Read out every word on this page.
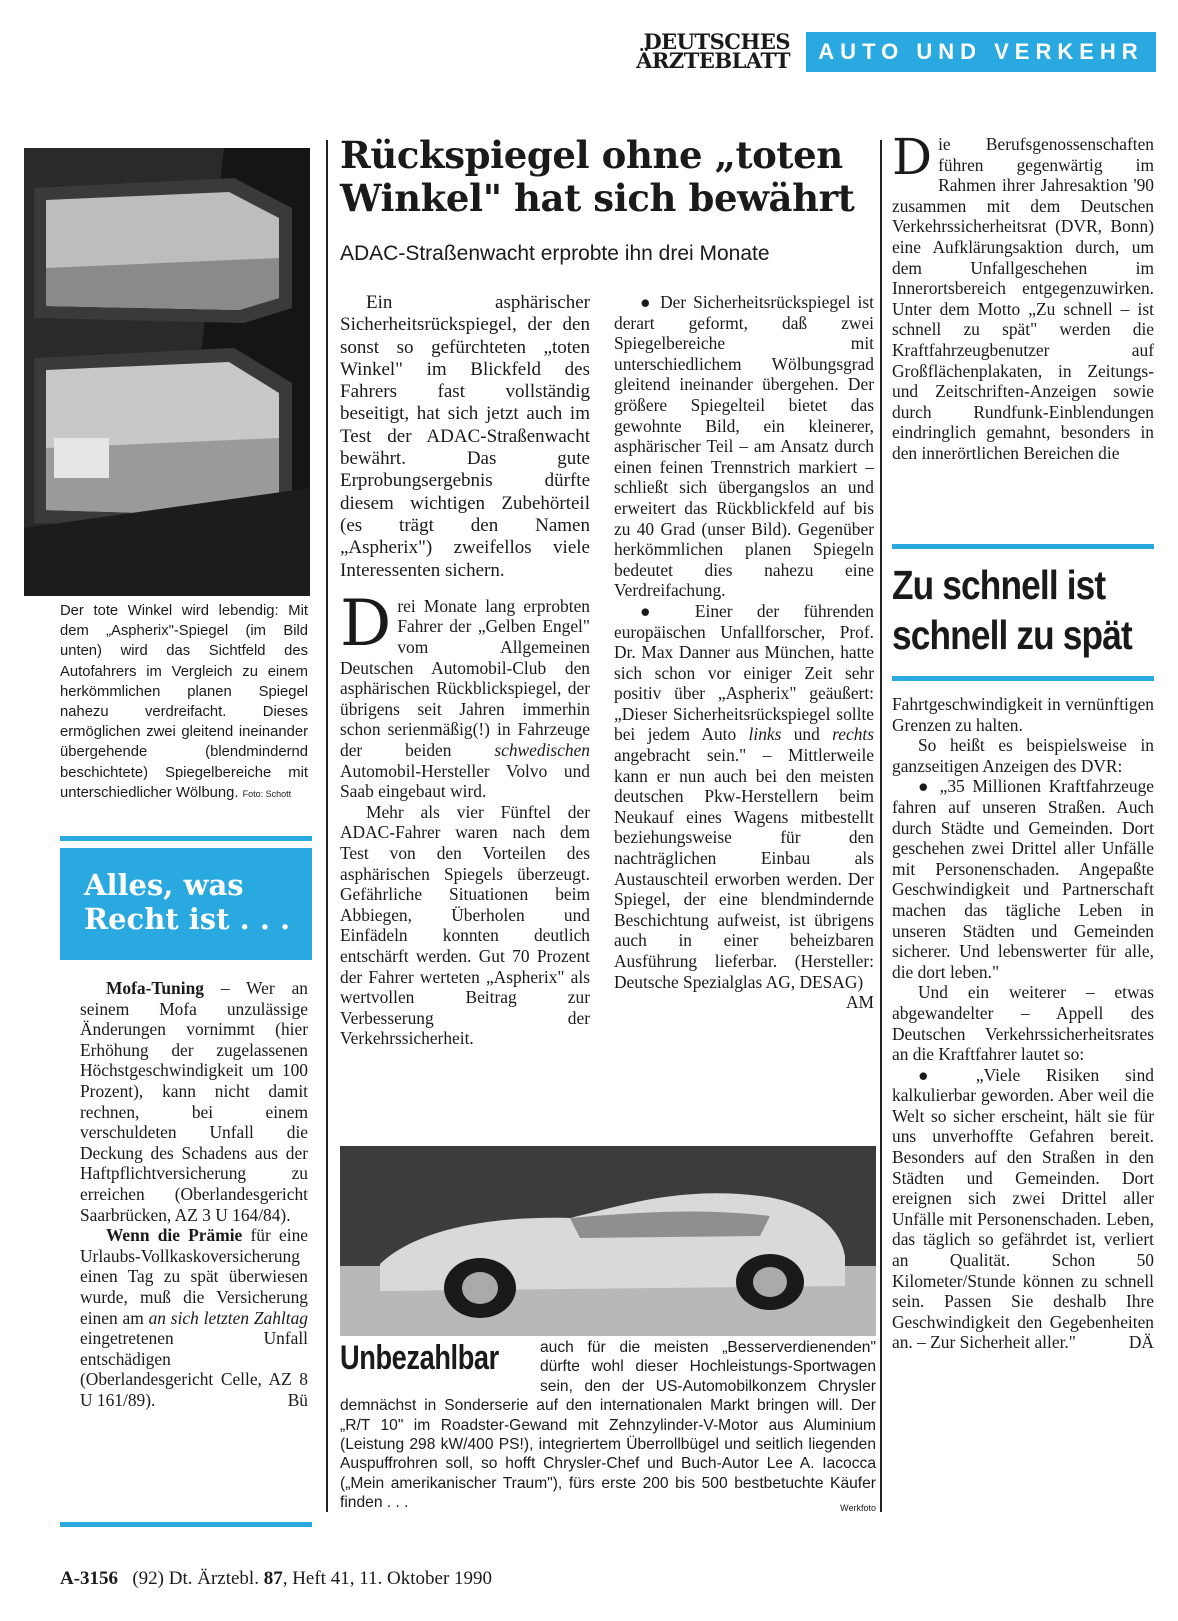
DEUTSCHES
ÄRZTEBLATT	AUTO UND VERKEHR
Der tote Winkel wird lebendig: Mit dem „Aspherix"-Spiegel (im Bild unten) wird das Sichtfeld des Autofahrers im Vergleich zu einem herkömmlichen planen Spiegel nahezu verdreifacht. Dieses ermöglichen zwei gleitend ineinander übergehende (blendmindernd beschichtete) Spiegelbereiche mit unterschiedlicher Wölbung. Foto: Schott
Alles, was
Recht ist . . .

Mofa-Tuning – Wer an seinem Mofa unzulässige Änderungen vornimmt (hier Erhöhung der zugelassenen Höchstgeschwindigkeit um 100 Prozent), kann nicht damit rechnen, bei einem verschuldeten Unfall die Deckung des Schadens aus der Haftpflichtversicherung zu erreichen (Oberlandesgericht Saarbrücken, AZ 3 U 164/84).

Wenn die Prämie für eine Urlaubs-Vollkaskoversicherung einen Tag zu spät überwiesen wurde, muß die Versicherung einen am an sich letzten Zahltag eingetretenen Unfall entschädigen (Oberlandesgericht Celle, AZ 8 U 161/89).	Bü

Rückspiegel ohne „toten
Winkel" hat sich bewährt
ADAC-Straßenwacht erprobte ihn drei Monate

Ein asphärischer Sicherheitsrückspiegel, der den sonst so gefürchteten „toten Winkel" im Blickfeld des Fahrers fast vollständig beseitigt, hat sich jetzt auch im Test der ADAC-Straßenwacht bewährt. Das gute Erprobungsergebnis dürfte diesem wichtigen Zubehörteil (es trägt den Namen „Aspherix") zweifellos viele Interessenten sichern.

Drei Monate lang erprobten Fahrer der „Gelben Engel" vom Allgemeinen Deutschen Automobil-Club den asphärischen Rückblickspiegel, der übrigens seit Jahren immerhin schon serienmäßig(!) in Fahrzeuge der beiden schwedischen Automobil-Hersteller Volvo und Saab eingebaut wird.

Mehr als vier Fünftel der ADAC-Fahrer waren nach dem Test von den Vorteilen des asphärischen Spiegels überzeugt. Gefährliche Situationen beim Abbiegen, Überholen und Einfädeln konnten deutlich entschärft werden. Gut 70 Prozent der Fahrer werteten „Aspherix" als wertvollen Beitrag zur Verbesserung der Verkehrssicherheit.

● Der Sicherheitsrückspiegel ist derart geformt, daß zwei Spiegelbereiche mit unterschiedlichem Wölbungsgrad gleitend ineinander übergehen. Der größere Spiegelteil bietet das gewohnte Bild, ein kleinerer, asphärischer Teil – am Ansatz durch einen feinen Trennstrich markiert – schließt sich übergangslos an und erweitert das Rückblickfeld auf bis zu 40 Grad (unser Bild). Gegenüber herkömmlichen planen Spiegeln bedeutet dies nahezu eine Verdreifachung.

● Einer der führenden europäischen Unfallforscher, Prof. Dr. Max Danner aus München, hatte sich schon vor einiger Zeit sehr positiv über „Aspherix" geäußert: „Dieser Sicherheitsrückspiegel sollte bei jedem Auto links und rechts angebracht sein." – Mittlerweile kann er nun auch bei den meisten deutschen Pkw-Herstellern beim Neukauf eines Wagens mitbestellt beziehungsweise für den nachträglichen Einbau als Austauschteil erworben werden. Der Spiegel, der eine blendmindernde Beschichtung aufweist, ist übrigens auch in einer beheizbaren Ausführung lieferbar. (Hersteller: Deutsche Spezialglas AG, DESAG)
AM

Unbezahlbar	auch für die meisten „Besserverdienenden" dürfte wohl dieser Hochleistungs-Sportwagen sein, den der US-Automobilkonzem Chrysler demnächst in Sonderserie auf den internationalen Markt bringen will. Der „R/T 10" im Roadster-Gewand mit Zehnzylinder-V-Motor aus Aluminium (Leistung 298 kW/400 PS!), integriertem Überrollbügel und seitlich liegenden Auspuffrohren soll, so hofft Chrysler-Chef und Buch-Autor Lee A. Iacocca („Mein amerikanischer Traum"), fürs erste 200 bis 500 bestbetuchte Käufer finden . . .	Werkfoto

Die Berufsgenossenschaften führen gegenwärtig im Rahmen ihrer Jahresaktion '90 zusammen mit dem Deutschen Verkehrssicherheitsrat (DVR, Bonn) eine Aufklärungsaktion durch, um dem Unfallgeschehen im Innerortsbereich entgegenzuwirken. Unter dem Motto „Zu schnell – ist schnell zu spät" werden die Kraftfahrzeugbenutzer auf Großflächenplakaten, in Zeitungs- und Zeitschriften-Anzeigen sowie durch Rundfunk-Einblendungen eindringlich gemahnt, besonders in den innerörtlichen Bereichen die

Zu schnell ist
schnell zu spät

Fahrtgeschwindigkeit in vernünftigen Grenzen zu halten.

So heißt es beispielsweise in ganzseitigen Anzeigen des DVR:

● „35 Millionen Kraftfahrzeuge fahren auf unseren Straßen. Auch durch Städte und Gemeinden. Dort geschehen zwei Drittel aller Unfälle mit Personenschaden. Angepaßte Geschwindigkeit und Partnerschaft machen das tägliche Leben in unseren Städten und Gemeinden sicherer. Und lebenswerter für alle, die dort leben."

Und ein weiterer – etwas abgewandelter – Appell des Deutschen Verkehrssicherheitsrates an die Kraftfahrer lautet so:

● „Viele Risiken sind kalkulierbar geworden. Aber weil die Welt so sicher erscheint, hält sie für uns unverhoffte Gefahren bereit. Besonders auf den Straßen in den Städten und Gemeinden. Dort ereignen sich zwei Drittel aller Unfälle mit Personenschaden. Leben, das täglich so gefährdet ist, verliert an Qualität. Schon 50 Kilometer/Stunde können zu schnell sein. Passen Sie deshalb Ihre Geschwindigkeit den Gegebenheiten an. – Zur Sicherheit aller."	DÄ

A-3156 (92) Dt. Ärztebl. 87, Heft 41, 11. Oktober 1990
